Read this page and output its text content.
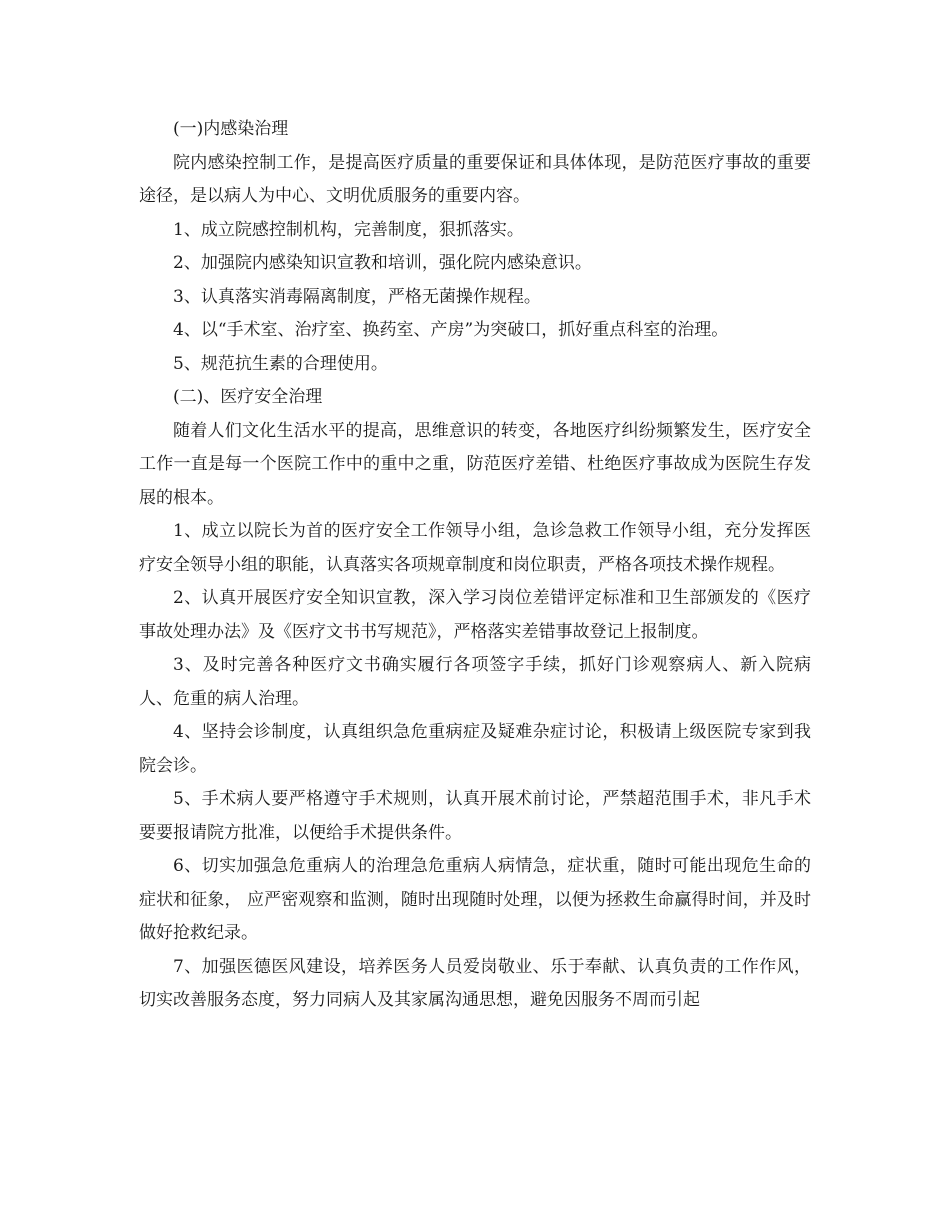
(一)内感染治理

院内感染控制工作，是提高医疗质量的重要保证和具体体现，是防范医疗事故的重要途径，是以病人为中心、文明优质服务的重要内容。

1、成立院感控制机构，完善制度，狠抓落实。

2、加强院内感染知识宣教和培训，强化院内感染意识。

3、认真落实消毒隔离制度，严格无菌操作规程。

4、以“手术室、治疗室、换药室、产房”为突破口，抓好重点科室的治理。

5、规范抗生素的合理使用。

(二)、医疗安全治理

随着人们文化生活水平的提高，思维意识的转变，各地医疗纠纷频繁发生，医疗安全工作一直是每一个医院工作中的重中之重，防范医疗差错、杜绝医疗事故成为医院生存发展的根本。

1、成立以院长为首的医疗安全工作领导小组，急诊急救工作领导小组，充分发挥医疗安全领导小组的职能，认真落实各项规章制度和岗位职责，严格各项技术操作规程。

2、认真开展医疗安全知识宣教，深入学习岗位差错评定标准和卫生部颁发的《医疗事故处理办法》及《医疗文书书写规范》，严格落实差错事故登记上报制度。

3、及时完善各种医疗文书确实履行各项签字手续，抓好门诊观察病人、新入院病人、危重的病人治理。

4、坚持会诊制度，认真组织急危重病症及疑难杂症讨论，积极请上级医院专家到我院会诊。

5、手术病人要严格遵守手术规则，认真开展术前讨论，严禁超范围手术，非凡手术要要报请院方批准，以便给手术提供条件。

6、切实加强急危重病人的治理急危重病人病情急，症状重，随时可能出现危生命的症状和征象， 应严密观察和监测，随时出现随时处理，以便为拯救生命赢得时间，并及时做好抢救纪录。

7、加强医德医风建设，培养医务人员爱岗敬业、乐于奉献、认真负责的工作作风，切实改善服务态度，努力同病人及其家属沟通思想，避免因服务不周而引起
